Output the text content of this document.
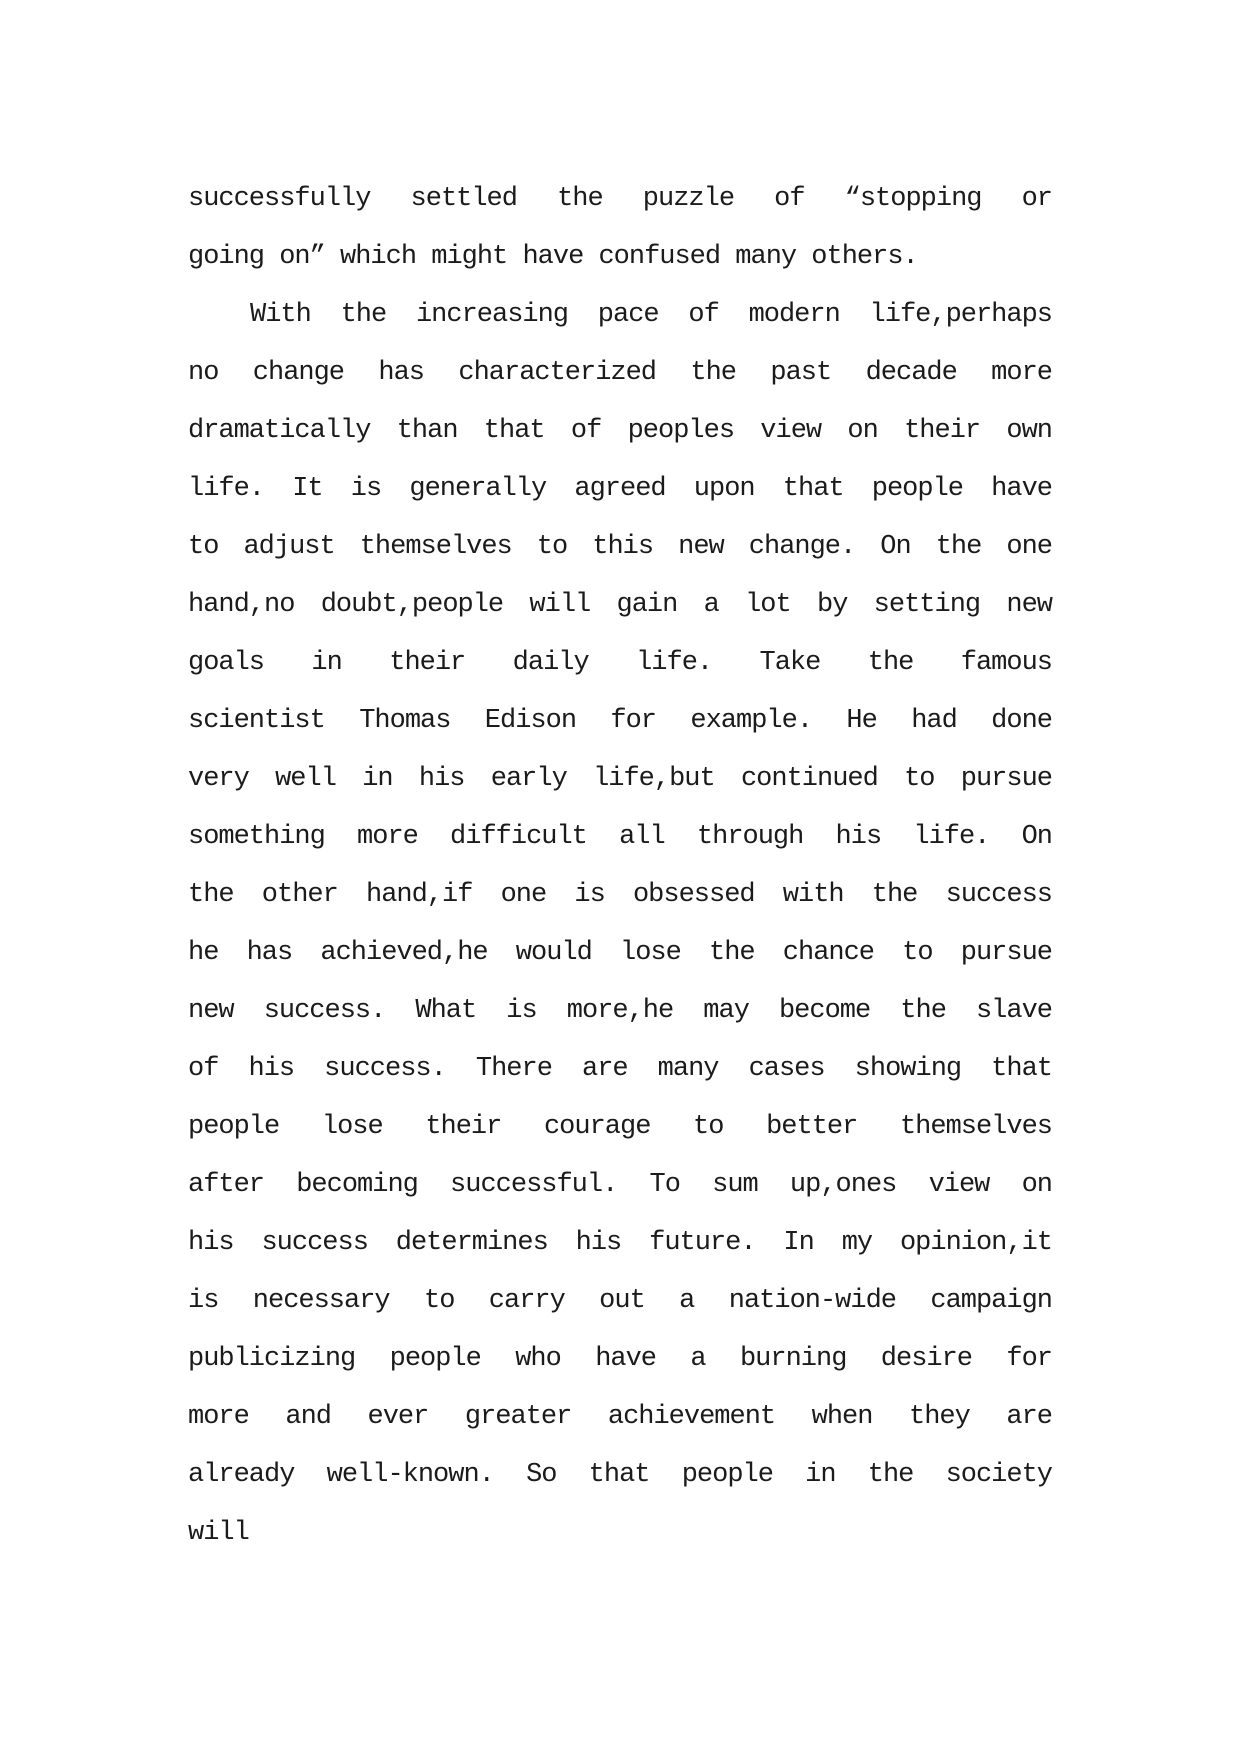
successfully settled the puzzle of “stopping or
going on” which might have confused many others.
With the increasing pace of modern life,perhaps
no change has characterized the past decade more
dramatically than that of peoples view on their own
life. It is generally agreed upon that people have
to adjust themselves to this new change. On the one
hand,no doubt,people will gain a lot by setting new
goals in their daily life. Take the famous
scientist Thomas Edison for example. He had done
very well in his early life,but continued to pursue
something more difficult all through his life. On
the other hand,if one is obsessed with the success
he has achieved,he would lose the chance to pursue
new success. What is more,he may become the slave
of his success. There are many cases showing that
people lose their courage to better themselves
after becoming successful. To sum up,ones view on
his success determines his future. In my opinion,it
is necessary to carry out a nation-wide campaign
publicizing people who have a burning desire for
more and ever greater achievement when they are
already well-known. So that people in the society
will
